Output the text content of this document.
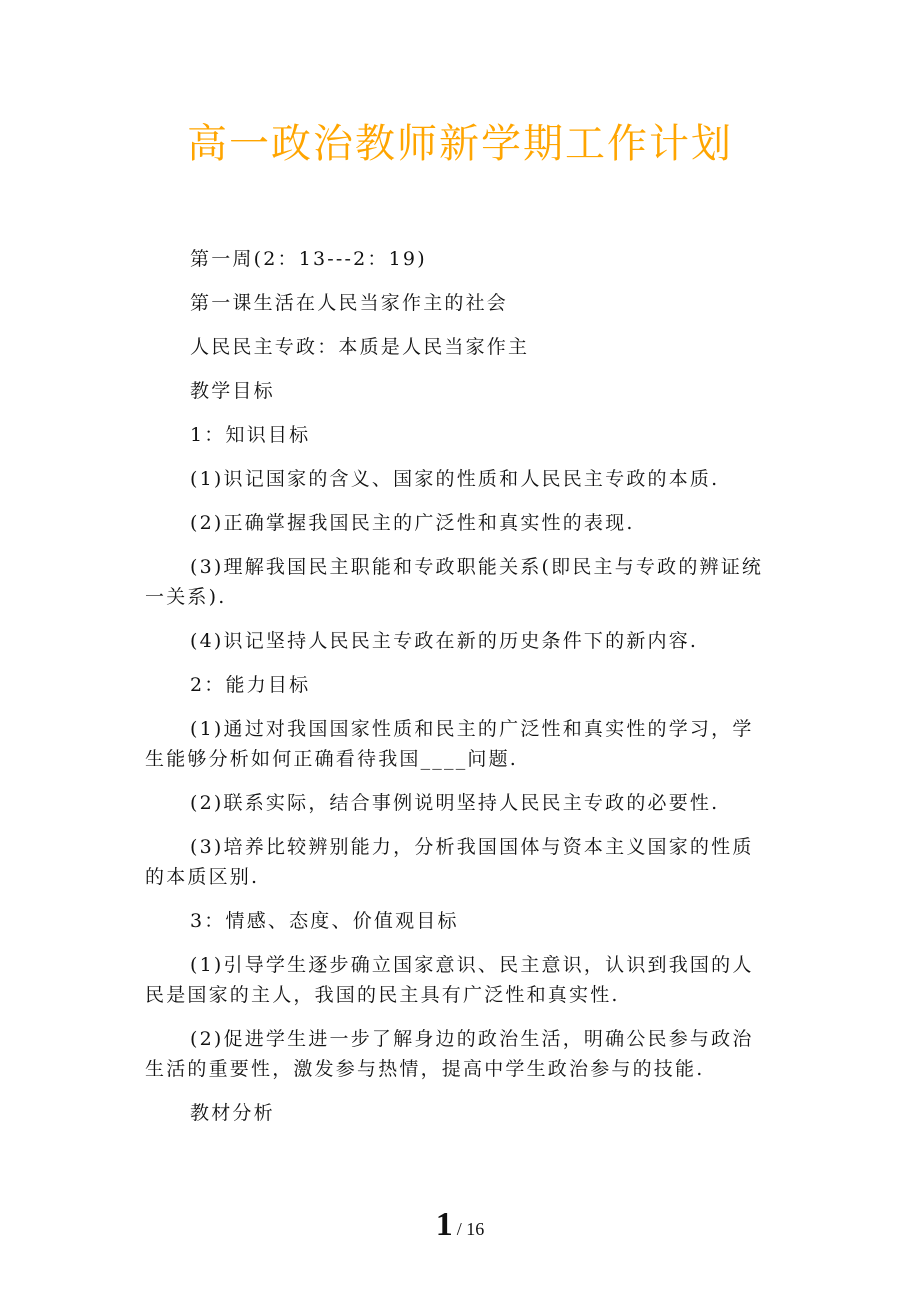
高一政治教师新学期工作计划

第一周(2：13---2：19)

第一课生活在人民当家作主的社会

人民民主专政：本质是人民当家作主

教学目标

1：知识目标

(1)识记国家的含义、国家的性质和人民民主专政的本质.

(2)正确掌握我国民主的广泛性和真实性的表现.

(3)理解我国民主职能和专政职能关系(即民主与专政的辨证统
一关系).

(4)识记坚持人民民主专政在新的历史条件下的新内容.

2：能力目标

(1)通过对我国国家性质和民主的广泛性和真实性的学习，学
生能够分析如何正确看待我国____问题.

(2)联系实际，结合事例说明坚持人民民主专政的必要性.

(3)培养比较辨别能力，分析我国国体与资本主义国家的性质
的本质区别.

3：情感、态度、价值观目标

(1)引导学生逐步确立国家意识、民主意识，认识到我国的人
民是国家的主人，我国的民主具有广泛性和真实性.

(2)促进学生进一步了解身边的政治生活，明确公民参与政治
生活的重要性，激发参与热情，提高中学生政治参与的技能.

教材分析

1 / 16
